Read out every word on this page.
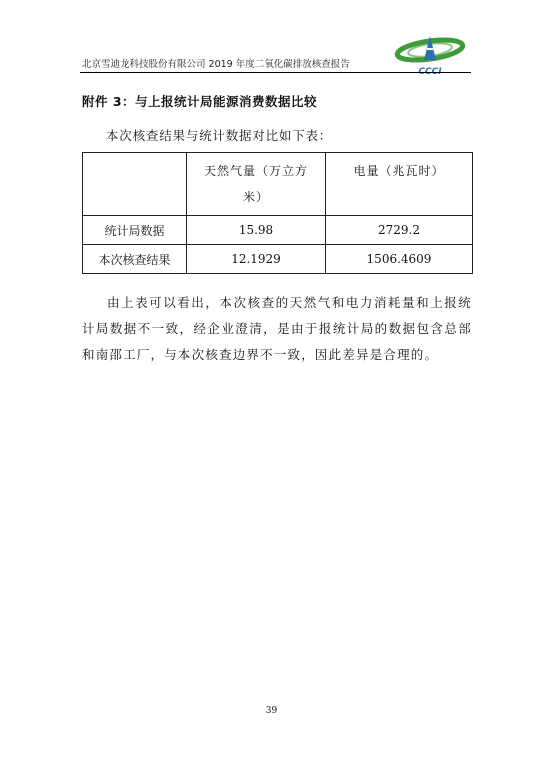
北京雪迪龙科技股份有限公司 2019 年度二氧化碳排放核查报告
CCCI
附件 3：与上报统计局能源消费数据比较
本次核查结果与统计数据对比如下表：

	天然气量（万立方米）	电量（兆瓦时）

统计局数据	15.98	2729.2
本次核查结果	12.1929	1506.4609
由上表可以看出，本次核查的天然气和电力消耗量和上报统计局数据不一致，经企业澄清，是由于报统计局的数据包含总部和南邵工厂，与本次核查边界不一致，因此差异是合理的。
39
